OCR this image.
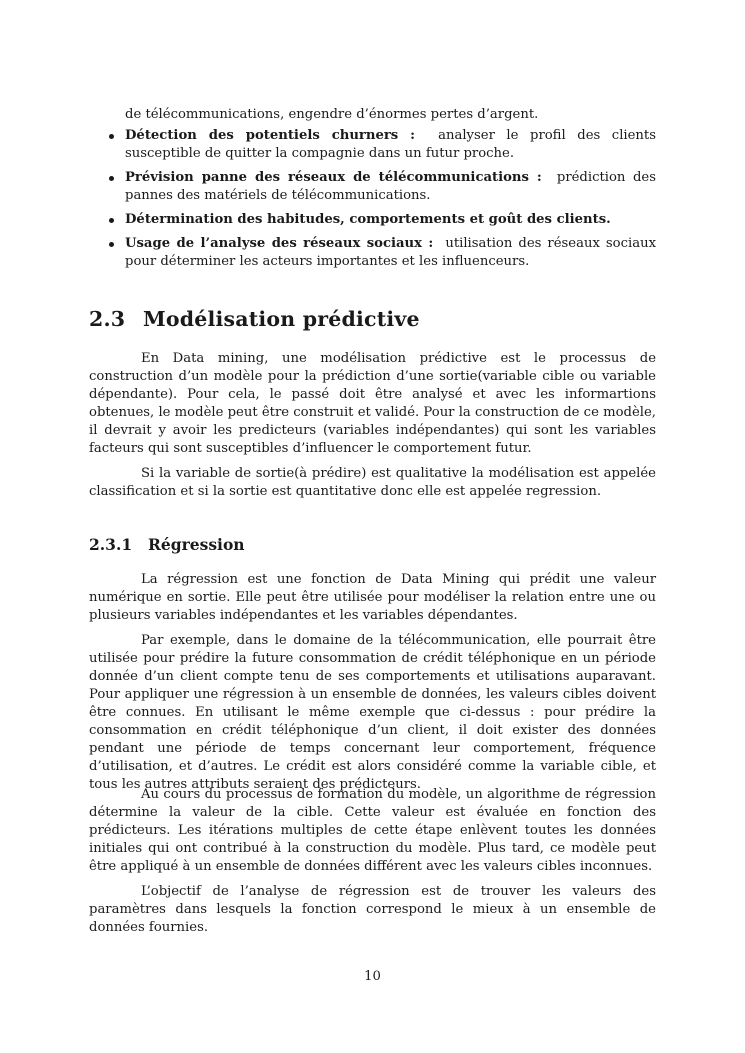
de télécommunications, engendre d’énormes pertes d’argent.
Détection des potentiels churners : analyser le profil des clients susceptible de quitter la compagnie dans un futur proche.
Prévision panne des réseaux de télécommunications : prédiction des pannes des matériels de télécommunications.
Détermination des habitudes, comportements et goût des clients.
Usage de l’analyse des réseaux sociaux : utilisation des réseaux sociaux pour déterminer les acteurs importantes et les influenceurs.
2.3 Modélisation prédictive

En Data mining, une modélisation prédictive est le processus de construction d’un modèle pour la prédiction d’une sortie(variable cible ou variable dépendante). Pour cela, le passé doit être analysé et avec les informartions obtenues, le modèle peut être construit et validé. Pour la construction de ce modèle, il devrait y avoir les predicteurs (variables indépendantes) qui sont les variables facteurs qui sont susceptibles d’influencer le comportement futur.

Si la variable de sortie(à prédire) est qualitative la modélisation est appelée classification et si la sortie est quantitative donc elle est appelée regression.

2.3.1 Régression

La régression est une fonction de Data Mining qui prédit une valeur numérique en sortie. Elle peut être utilisée pour modéliser la relation entre une ou plusieurs variables indépendantes et les variables dépendantes.

Par exemple, dans le domaine de la télécommunication, elle pourrait être utilisée pour prédire la future consommation de crédit téléphonique en un période donnée d’un client compte tenu de ses comportements et utilisations auparavant. Pour appliquer une régression à un ensemble de données, les valeurs cibles doivent être connues. En utilisant le même exemple que ci-dessus : pour prédire la consommation en crédit téléphonique d’un client, il doit exister des données pendant une période de temps concernant leur comportement, fréquence d’utilisation, et d’autres. Le crédit est alors considéré comme la variable cible, et tous les autres attributs seraient des prédicteurs.

Au cours du processus de formation du modèle, un algorithme de régression détermine la valeur de la cible. Cette valeur est évaluée en fonction des prédicteurs. Les itérations multiples de cette étape enlèvent toutes les données initiales qui ont contribué à la construction du modèle. Plus tard, ce modèle peut être appliqué à un ensemble de données différent avec les valeurs cibles inconnues.

L’objectif de l’analyse de régression est de trouver les valeurs des paramètres dans lesquels la fonction correspond le mieux à un ensemble de données fournies.

10
